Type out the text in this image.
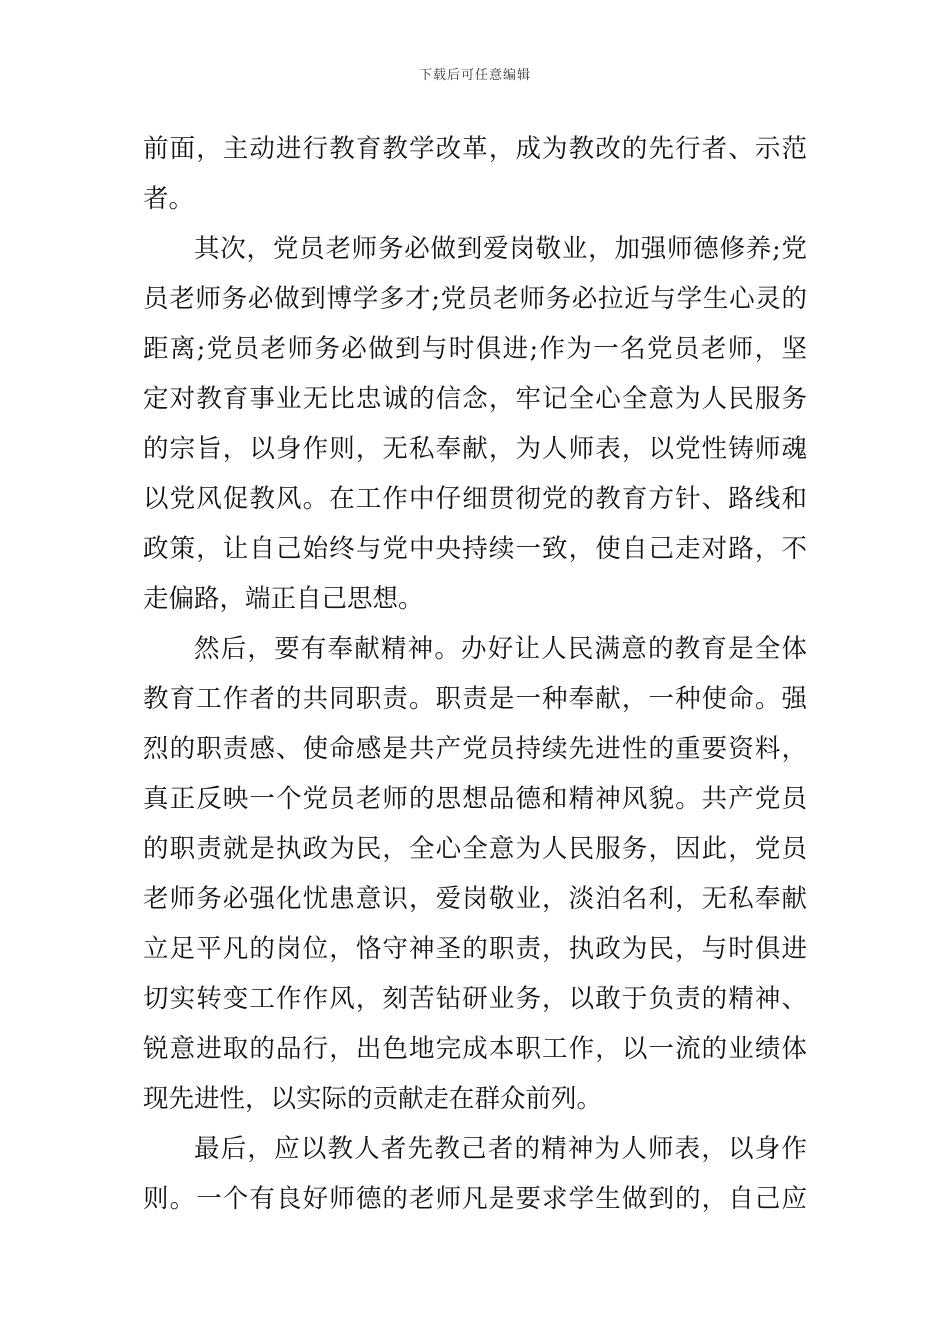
下载后可任意编辑
前面，主动进行教育教学改革，成为教改的先行者、示范
者。
其次，党员老师务必做到爱岗敬业，加强师德修养;党
员老师务必做到博学多才;党员老师务必拉近与学生心灵的
距离;党员老师务必做到与时俱进;作为一名党员老师，坚
定对教育事业无比忠诚的信念，牢记全心全意为人民服务
的宗旨，以身作则，无私奉献，为人师表，以党性铸师魂
以党风促教风。在工作中仔细贯彻党的教育方针、路线和
政策，让自己始终与党中央持续一致，使自己走对路，不
走偏路，端正自己思想。
然后，要有奉献精神。办好让人民满意的教育是全体
教育工作者的共同职责。职责是一种奉献，一种使命。强
烈的职责感、使命感是共产党员持续先进性的重要资料，
真正反映一个党员老师的思想品德和精神风貌。共产党员
的职责就是执政为民，全心全意为人民服务，因此，党员
老师务必强化忧患意识，爱岗敬业，淡泊名利，无私奉献
立足平凡的岗位，恪守神圣的职责，执政为民，与时俱进
切实转变工作作风，刻苦钻研业务，以敢于负责的精神、
锐意进取的品行，出色地完成本职工作，以一流的业绩体
现先进性，以实际的贡献走在群众前列。
最后，应以教人者先教己者的精神为人师表，以身作
则。一个有良好师德的老师凡是要求学生做到的，自己应
